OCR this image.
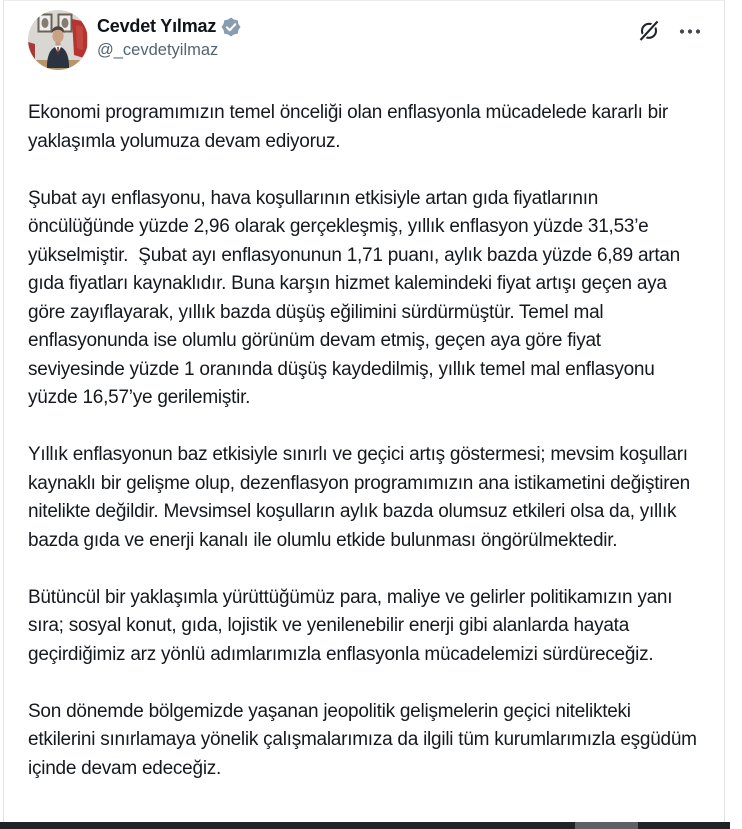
Cevdet Yılmaz
@_cevdetyilmaz

Ekonomi programımızın temel önceliği olan enflasyonla mücadelede kararlı bir yaklaşımla yolumuza devam ediyoruz.

Şubat ayı enflasyonu, hava koşullarının etkisiyle artan gıda fiyatlarının öncülüğünde yüzde 2,96 olarak gerçekleşmiş, yıllık enflasyon yüzde 31,53’e yükselmiştir.  Şubat ayı enflasyonunun 1,71 puanı, aylık bazda yüzde 6,89 artan gıda fiyatları kaynaklıdır. Buna karşın hizmet kalemindeki fiyat artışı geçen aya göre zayıflayarak, yıllık bazda düşüş eğilimini sürdürmüştür. Temel mal enflasyonunda ise olumlu görünüm devam etmiş, geçen aya göre fiyat seviyesinde yüzde 1 oranında düşüş kaydedilmiş, yıllık temel mal enflasyonu yüzde 16,57’ye gerilemiştir.

Yıllık enflasyonun baz etkisiyle sınırlı ve geçici artış göstermesi; mevsim koşulları kaynaklı bir gelişme olup, dezenflasyon programımızın ana istikametini değiştiren nitelikte değildir. Mevsimsel koşulların aylık bazda olumsuz etkileri olsa da, yıllık bazda gıda ve enerji kanalı ile olumlu etkide bulunması öngörülmektedir.

Bütüncül bir yaklaşımla yürüttüğümüz para, maliye ve gelirler politikamızın yanı sıra; sosyal konut, gıda, lojistik ve yenilenebilir enerji gibi alanlarda hayata geçirdiğimiz arz yönlü adımlarımızla enflasyonla mücadelemizi sürdüreceğiz.

Son dönemde bölgemizde yaşanan jeopolitik gelişmelerin geçici nitelikteki etkilerini sınırlamaya yönelik çalışmalarımıza da ilgili tüm kurumlarımızla eşgüdüm içinde devam edeceğiz.
